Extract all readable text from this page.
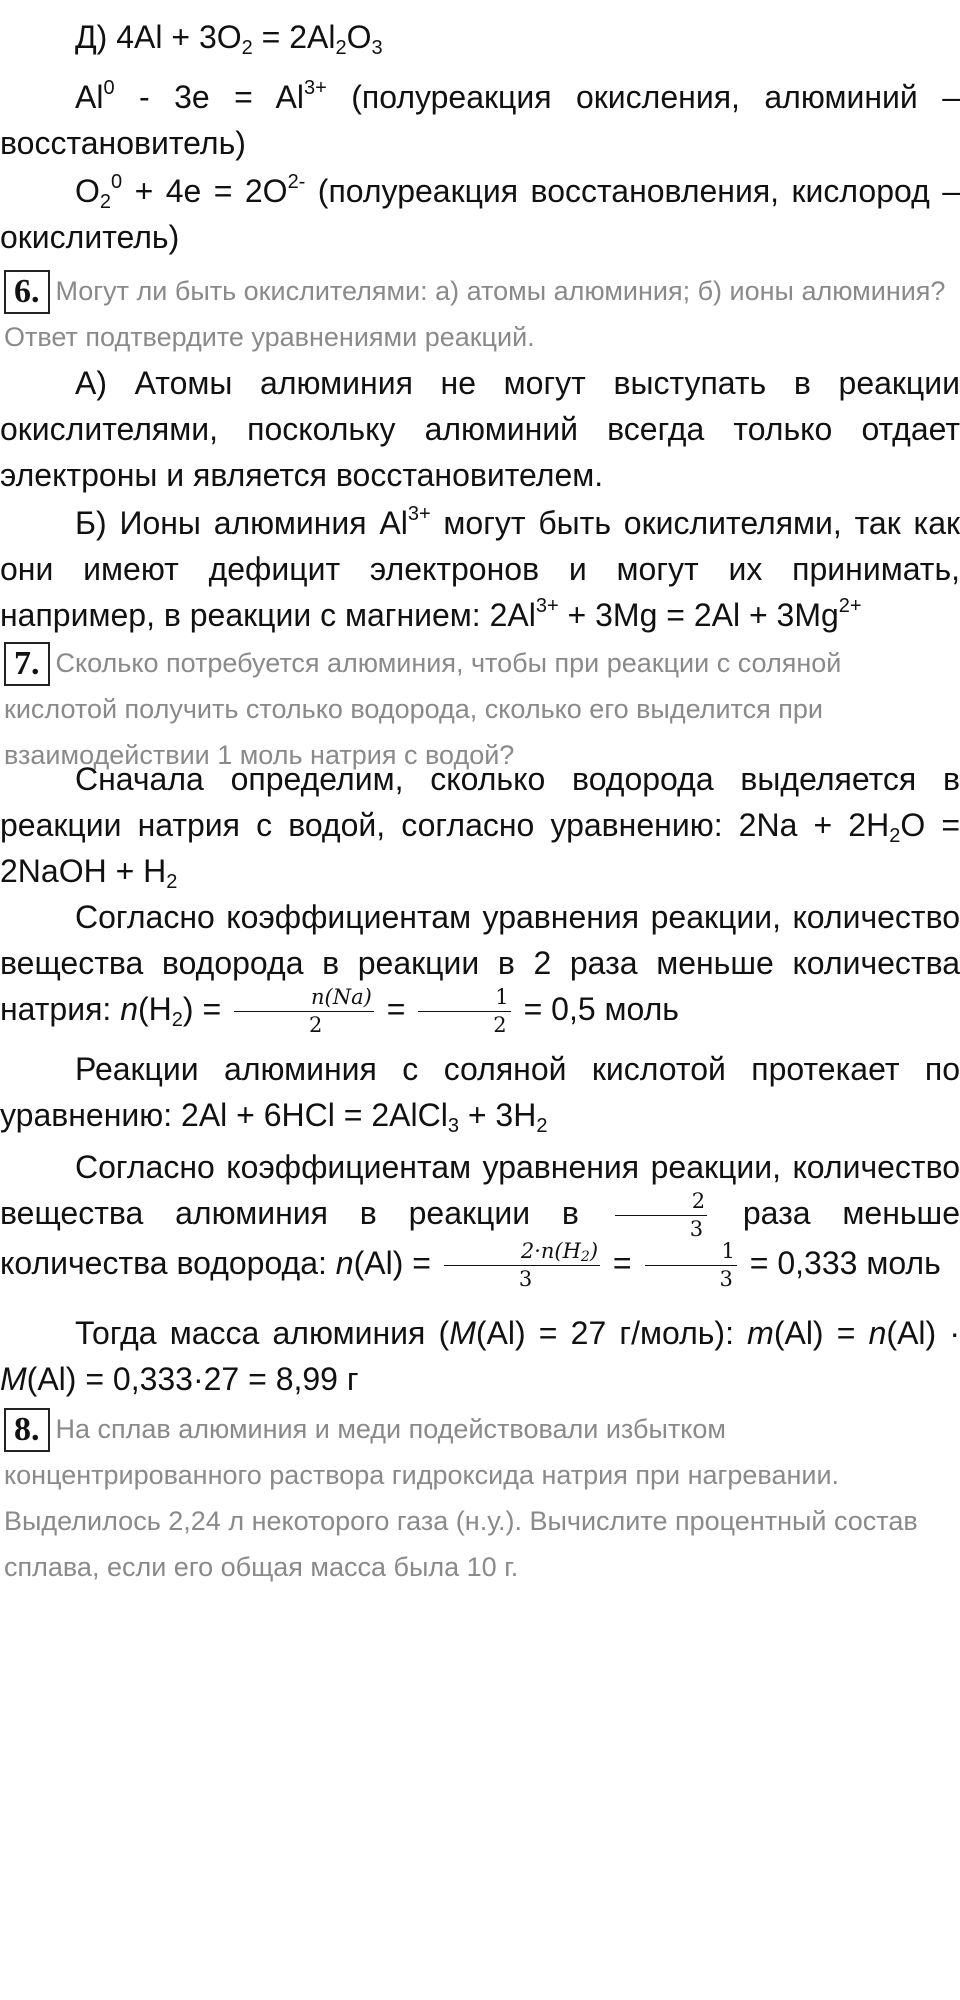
Д) $4Al + 3O_2 = 2Al_2O_3$

$Al^0 - 3e = Al^{3+}$ (полуреакция окисления, алюминий – восстановитель)

$O_2^0 + 4e = 2O^{2-}$ (полуреакция восстановления, кислород – окислитель)

6. Могут ли быть окислителями: а) атомы алюминия; б) ионы алюминия? Ответ подтвердите уравнениями реакций.

А) Атомы алюминия не могут выступать в реакции окислителями, поскольку алюминий всегда только отдает электроны и является восстановителем.

Б) Ионы алюминия $Al^{3+}$ могут быть окислителями, так как они имеют дефицит электронов и могут их принимать, например, в реакции с магнием: $2Al^{3+} + 3Mg = 2Al + 3Mg^{2+}$

7. Сколько потребуется алюминия, чтобы при реакции с соляной кислотой получить столько водорода, сколько его выделится при взаимодействии 1 моль натрия с водой?

Сначала определим, сколько водорода выделяется в реакции натрия с водой, согласно уравнению: $2Na + 2H_2O$ = 2NaOH + $H_2$

Согласно коэффициентам уравнения реакции, количество вещества водорода в реакции в 2 раза меньше количества натрия: $n(H_2) = \frac{n(Na)}{2} = \frac{1}{2} = 0,5$ моль

Реакции алюминия с соляной кислотой протекает по уравнению: 2Al + 6HCl = 2AlCl$_3$ + $3H_2$

Согласно коэффициентам уравнения реакции, количество вещества алюминия в реакции в $\frac{2}{3}$ раза меньше количества водорода: $n(Al) = \frac{2\cdot n(H_2)}{3} = \frac{1}{3} = 0,333$ моль

Тогда масса алюминия (M(Al) = 27 г/моль): m(Al) = n(Al) · M(Al) = 0,333·27 = 8,99 г

8. На сплав алюминия и меди подействовали избытком концентрированного раствора гидроксида натрия при нагревании. Выделилось 2,24 л некоторого газа (н.у.). Вычислите процентный состав сплава, если его общая масса была 10 г.
